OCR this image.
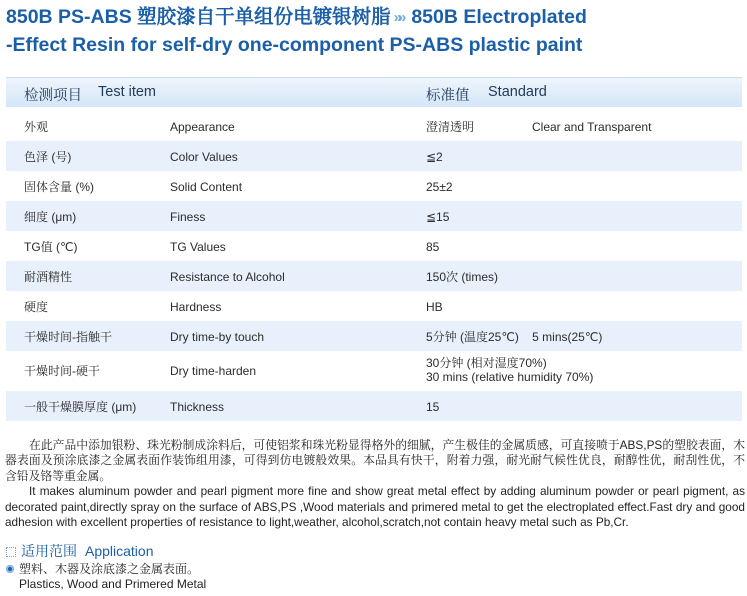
850B PS-ABS 塑胶漆自干单组份电镀银树脂 »» 850B Electroplated
-Effect Resin for self-dry one-component PS-ABS plastic paint
检测项目 Test item	标准值 Standard
外观	Appearance	澄清透明	Clear and Transparent
色泽 (号)	Color Values	≦2
固体含量 (%)	Solid Content	25±2
细度 (μm)	Finess	≦15
TG值 (℃)	TG Values	85
耐酒精性	Resistance to Alcohol	150次 (times)
硬度	Hardness	HB
干燥时间-指触干	Dry time-by touch	5分钟 (温度25℃)    5 mins(25℃)
干燥时间-硬干	Dry time-harden
30分钟 (相对湿度70%)
30 mins (relative humidity 70%)
一般干燥膜厚度 (μm)	Thickness	15

在此产品中添加银粉、珠光粉制成涂料后，可使铝浆和珠光粉显得格外的细腻，产生极佳的金属质感，可直接喷于ABS,PS的塑胶表面，木器表面及预涂底漆之金属表面作装饰组用漆，可得到仿电镀般效果。本品具有快干，附着力强，耐光耐气候性优良，耐醇性优，耐刮性优，不含铅及铬等重金属。

It makes aluminum powder and pearl pigment more fine and show great metal effect by adding aluminum powder or pearl pigment, as decorated paint,directly spray on the surface of ABS,PS ,Wood materials and primered metal to get the electroplated effect.Fast dry and good adhesion with excellent properties of resistance to light,weather, alcohol,scratch,not contain heavy metal such as Pb,Cr.

适用范围 Application
塑料、木器及涂底漆之金属表面。
Plastics, Wood and Primered Metal
